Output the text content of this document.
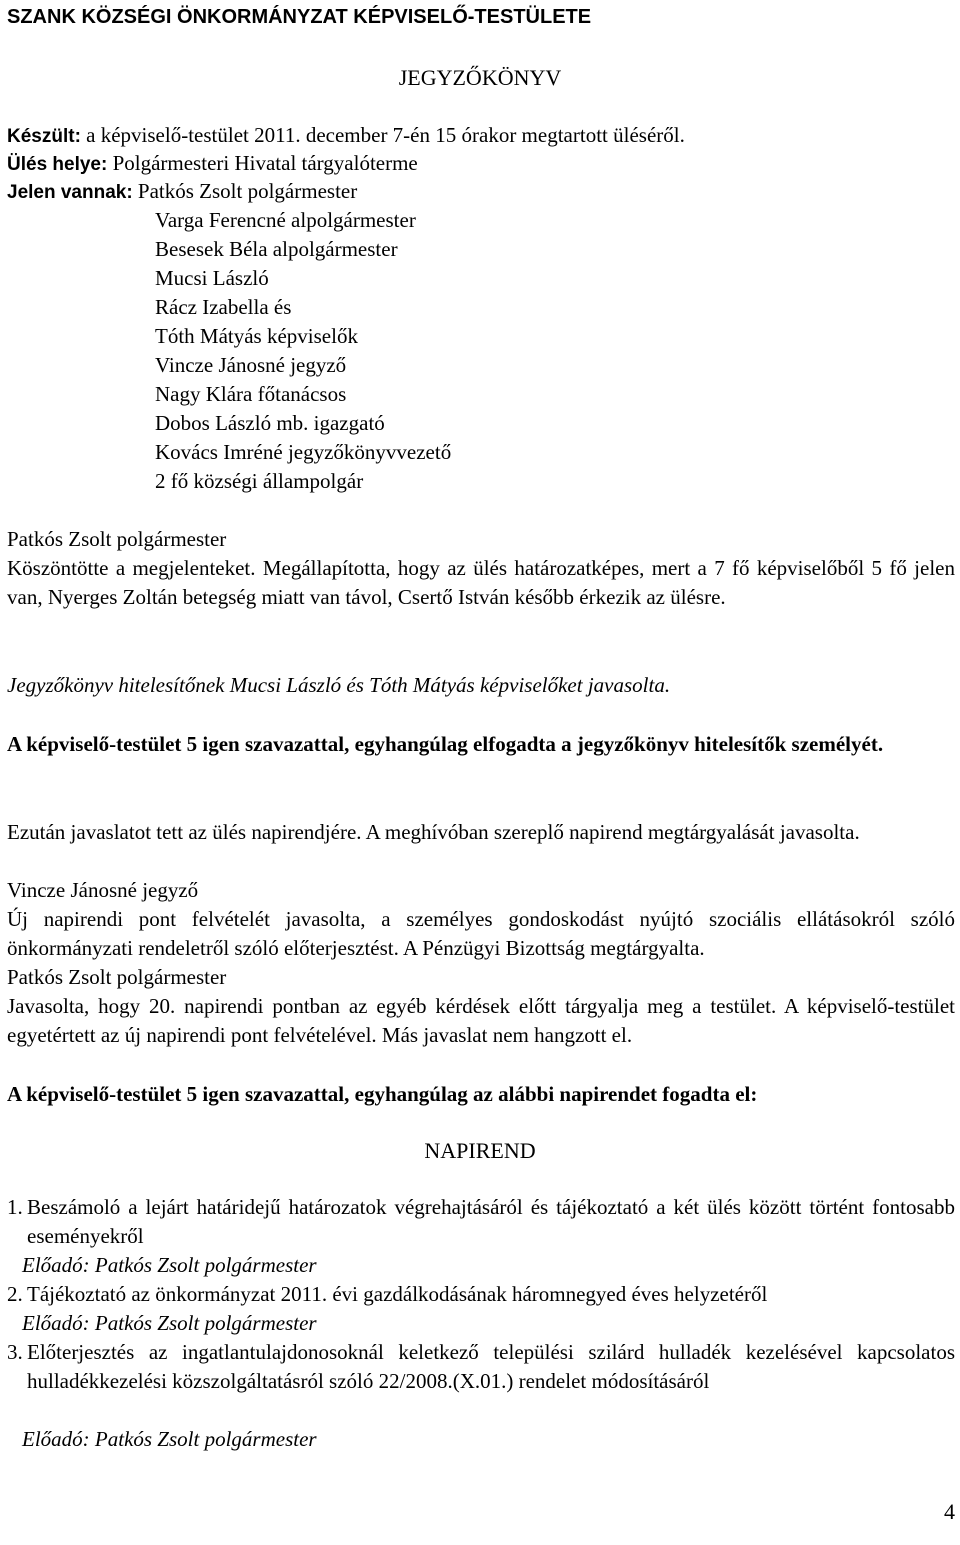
SZANK KÖZSÉGI ÖNKORMÁNYZAT KÉPVISELŐ-TESTÜLETE
JEGYZŐKÖNYV
Készült: a képviselő-testület 2011. december 7-én 15 órakor megtartott üléséről.
Ülés helye: Polgármesteri Hivatal tárgyalóterme
Jelen vannak: Patkós Zsolt polgármester
Varga Ferencné alpolgármester
Besesek Béla alpolgármester
Mucsi László
Rácz Izabella és
Tóth Mátyás képviselők
Vincze Jánosné jegyző
Nagy Klára főtanácsos
Dobos László mb. igazgató
Kovács Imréné jegyzőkönyvvezető
2 fő községi állampolgár
Patkós Zsolt polgármester
Köszöntötte a megjelenteket. Megállapította, hogy az ülés határozatképes, mert a 7 fő képviselőből 5 fő jelen van, Nyerges Zoltán betegség miatt van távol, Csertő István később érkezik az ülésre.
Jegyzőkönyv hitelesítőnek Mucsi László és Tóth Mátyás képviselőket javasolta.
A képviselő-testület 5 igen szavazattal, egyhangúlag elfogadta a jegyzőkönyv hitelesítők személyét.
Ezután javaslatot tett az ülés napirendjére. A meghívóban szereplő napirend megtárgyalását javasolta.
Vincze Jánosné jegyző
Új napirendi pont felvételét javasolta, a személyes gondoskodást nyújtó szociális ellátásokról szóló önkormányzati rendeletről szóló előterjesztést. A Pénzügyi Bizottság megtárgyalta.
Patkós Zsolt polgármester
Javasolta, hogy 20. napirendi pontban az egyéb kérdések előtt tárgyalja meg a testület. A képviselő-testület egyetértett az új napirendi pont felvételével. Más javaslat nem hangzott el.
A képviselő-testület 5 igen szavazattal, egyhangúlag az alábbi napirendet fogadta el:
NAPIREND
1. Beszámoló a lejárt határidejű határozatok végrehajtásáról és tájékoztató a két ülés között történt fontosabb eseményekről
Előadó: Patkós Zsolt polgármester
2. Tájékoztató az önkormányzat 2011. évi gazdálkodásának háromnegyed éves helyzetéről
Előadó: Patkós Zsolt polgármester
3. Előterjesztés az ingatlantulajdonosoknál keletkező települési szilárd hulladék kezelésével kapcsolatos hulladékkezelési közszolgáltatásról szóló 22/2008.(X.01.) rendelet módosításáról
Előadó: Patkós Zsolt polgármester
4
